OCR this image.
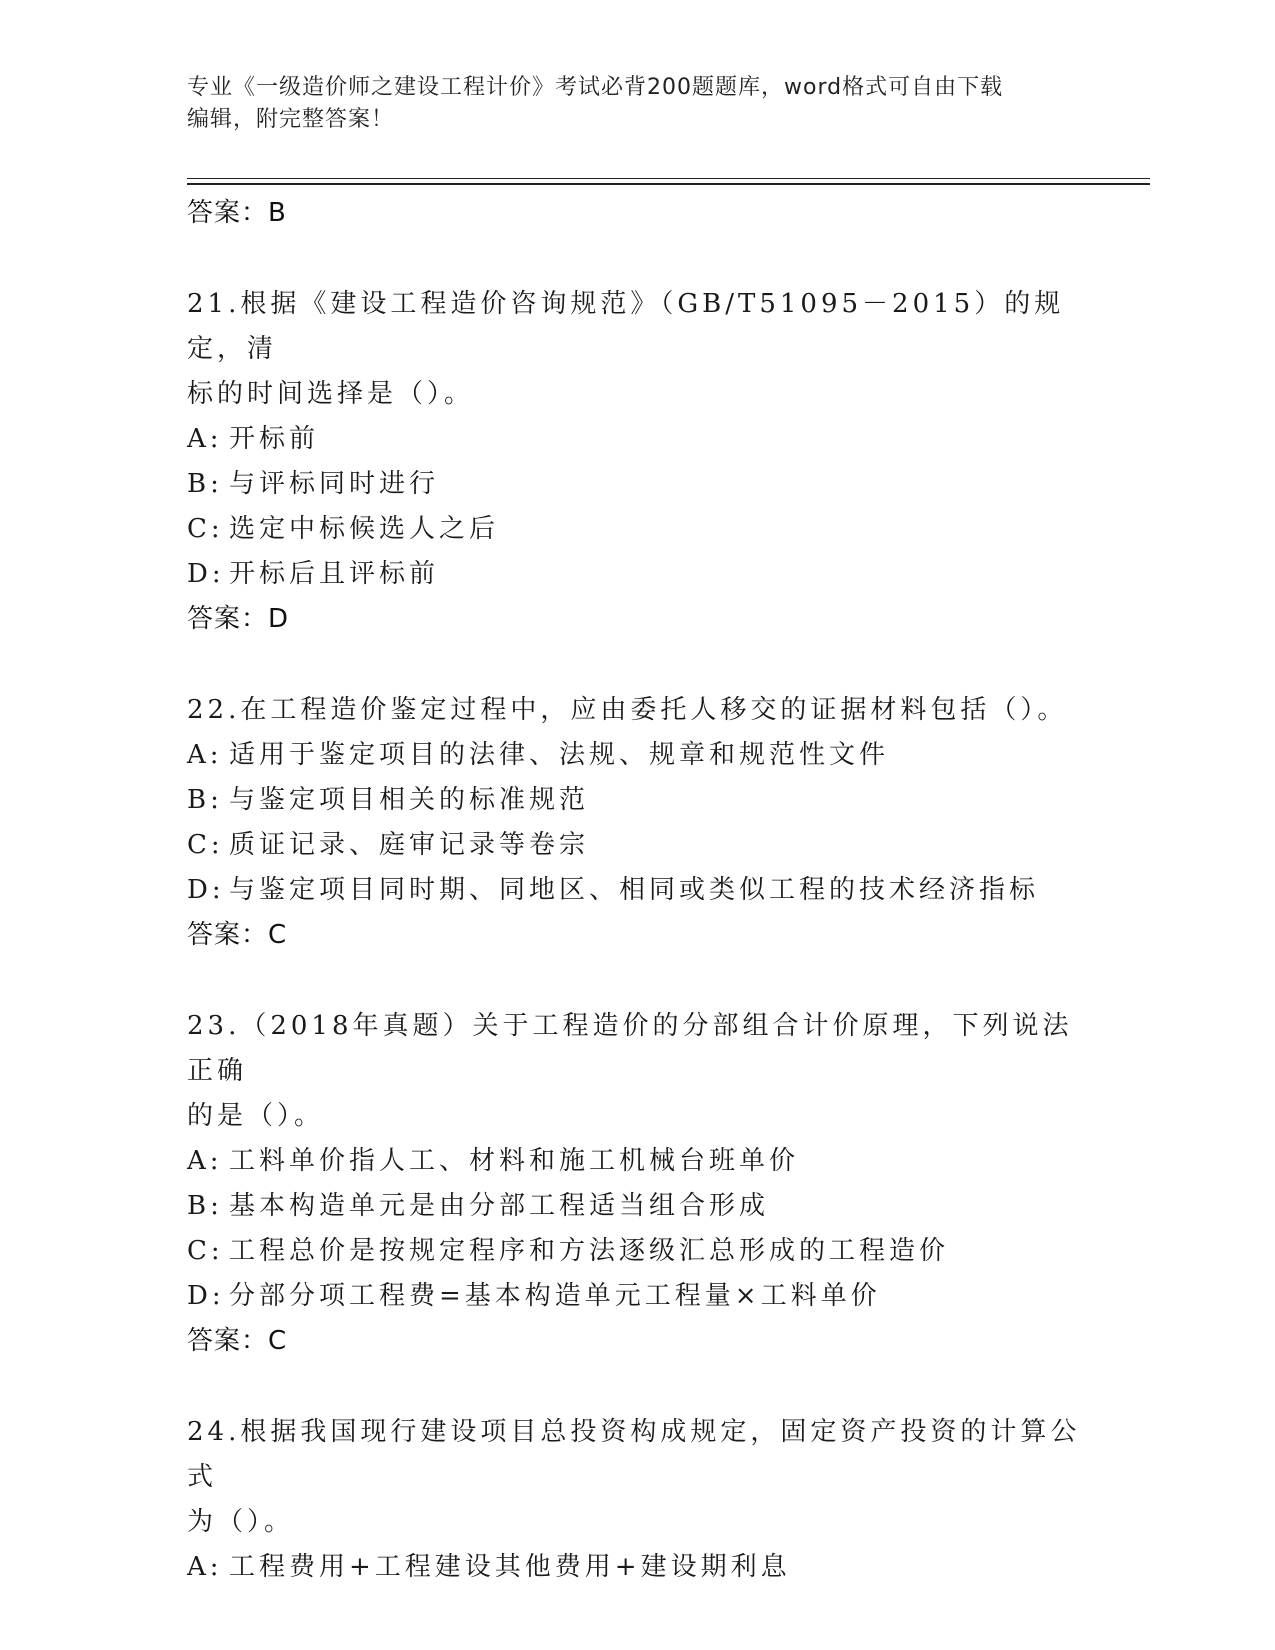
专业《一级造价师之建设工程计价》考试必背200题题库，word格式可自由下载
编辑，附完整答案！
答案：B
21.根据《建设工程造价咨询规范》（GB/T51095－2015）的规定，清
标的时间选择是（）。
A: 开标前
B: 与评标同时进行
C: 选定中标候选人之后
D: 开标后且评标前
答案：D
22.在工程造价鉴定过程中，应由委托人移交的证据材料包括（）。
A: 适用于鉴定项目的法律、法规、规章和规范性文件
B: 与鉴定项目相关的标准规范
C: 质证记录、庭审记录等卷宗
D: 与鉴定项目同时期、同地区、相同或类似工程的技术经济指标
答案：C
23.（2018年真题）关于工程造价的分部组合计价原理，下列说法正确
的是（）。
A: 工料单价指人工、材料和施工机械台班单价
B: 基本构造单元是由分部工程适当组合形成
C: 工程总价是按规定程序和方法逐级汇总形成的工程造价
D: 分部分项工程费=基本构造单元工程量×工料单价
答案：C
24.根据我国现行建设项目总投资构成规定，固定资产投资的计算公式
为（）。
A: 工程费用+工程建设其他费用+建设期利息
